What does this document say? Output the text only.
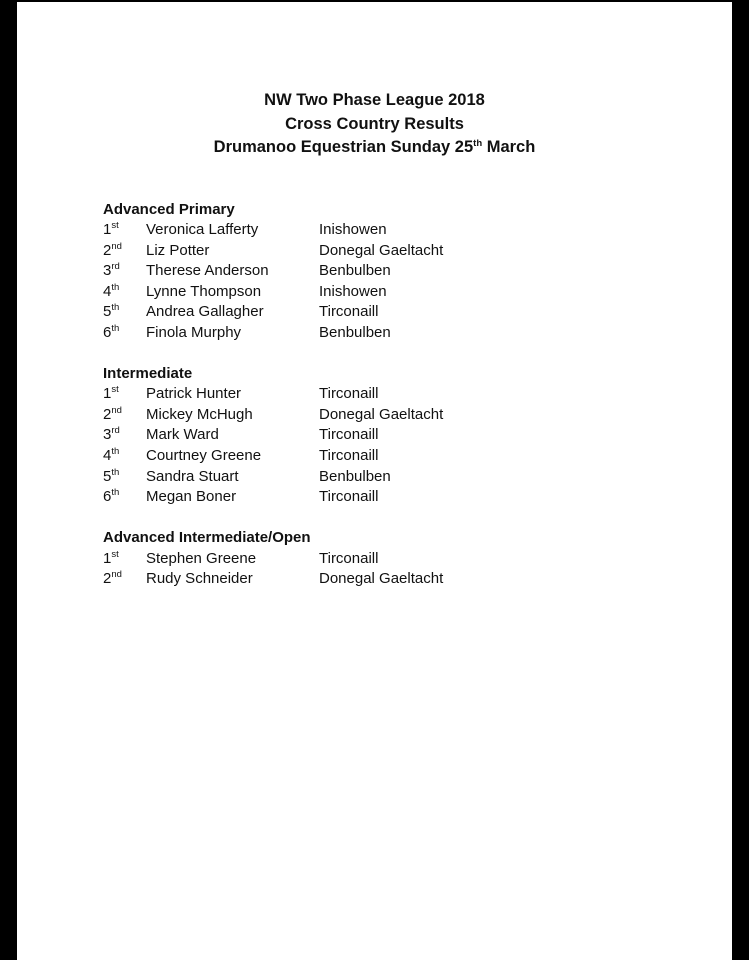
NW Two Phase League 2018
Cross Country Results
Drumanoo Equestrian Sunday 25th March
Advanced Primary
1st Veronica Lafferty	Inishowen
2nd Liz Potter	Donegal Gaeltacht
3rd Therese Anderson	Benbulben
4th Lynne Thompson	Inishowen
5th Andrea Gallagher	Tirconaill
6th Finola Murphy	Benbulben
Intermediate
1st Patrick Hunter	Tirconaill
2nd Mickey McHugh	Donegal Gaeltacht
3rd Mark Ward	Tirconaill
4th Courtney Greene	Tirconaill
5th Sandra Stuart	Benbulben
6th Megan Boner	Tirconaill
Advanced Intermediate/Open
1st Stephen Greene	Tirconaill
2nd Rudy Schneider	Donegal Gaeltacht
